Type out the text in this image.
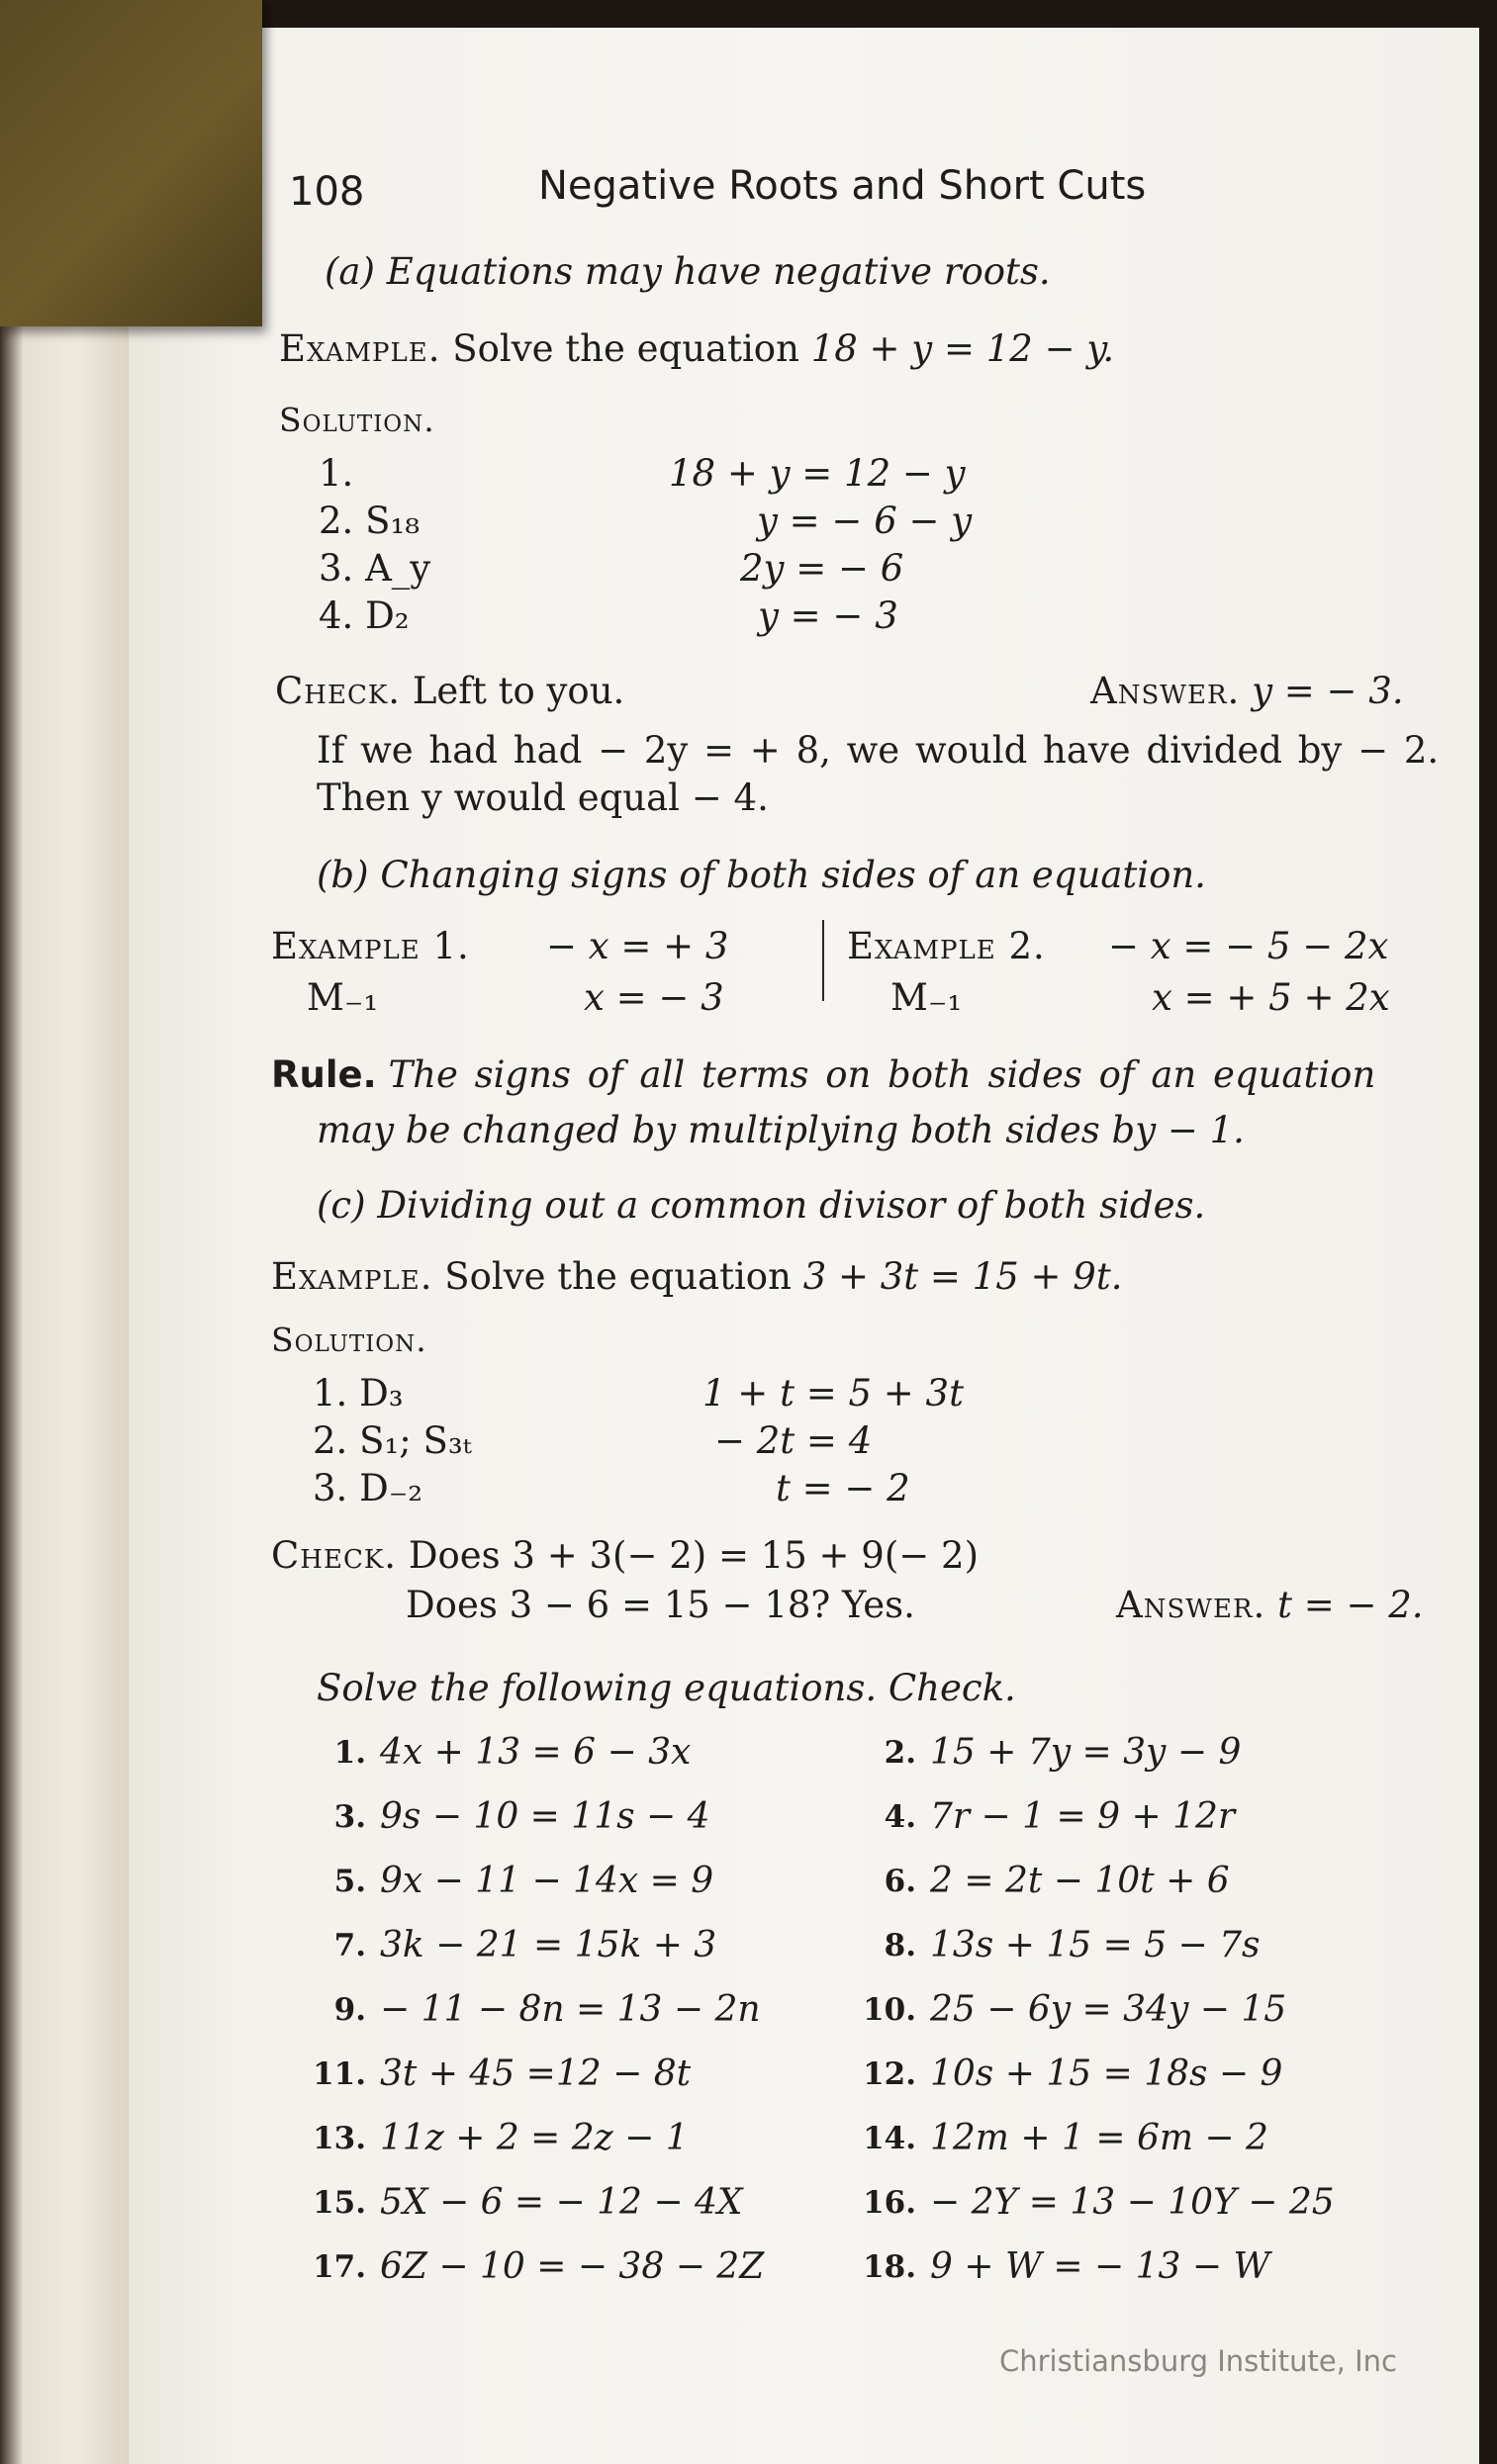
108	Negative Roots and Short Cuts
(a) Equations may have negative roots.
Example. Solve the equation 18 + y = 12 − y.
Solution.
1.	18 + y = 12 − y
2. S₁₈	y = − 6 − y
3. A_y	2y = − 6
4. D₂	y = − 3
Check. Left to you.	Answer. y = − 3.
If we had had − 2y = + 8, we would have divided by − 2.
Then y would equal − 4.
(b) Changing signs of both sides of an equation.
Example 1. − x = + 3
M₋₁	x = − 3
Example 2. − x = − 5 − 2x
M₋₁	x = + 5 + 2x
Rule. The signs of all terms on both sides of an equation
may be changed by multiplying both sides by − 1.
(c) Dividing out a common divisor of both sides.
Example. Solve the equation 3 + 3t = 15 + 9t.
Solution.
1. D₃	1 + t = 5 + 3t
2. S₁; S₃ₜ	− 2t = 4
3. D₋₂	t = − 2
Check. Does 3 + 3(− 2) = 15 + 9(− 2)
Does 3 − 6 = 15 − 18? Yes.	Answer. t = − 2.
Solve the following equations. Check.
1. 4x + 13 = 6 − 3x	2. 15 + 7y = 3y − 9
3. 9s − 10 = 11s − 4	4. 7r − 1 = 9 + 12r
5. 9x − 11 − 14x = 9	6. 2 = 2t − 10t + 6
7. 3k − 21 = 15k + 3	8. 13s + 15 = 5 − 7s
9. − 11 − 8n = 13 − 2n	10. 25 − 6y = 34y − 15
11. 3t + 45 =12 − 8t	12. 10s + 15 = 18s − 9
13. 11z + 2 = 2z − 1	14. 12m + 1 = 6m − 2
15. 5X − 6 = − 12 − 4X	16. − 2Y = 13 − 10Y − 25
17. 6Z − 10 = − 38 − 2Z	18. 9 + W = − 13 − W
Christiansburg Institute, Inc
